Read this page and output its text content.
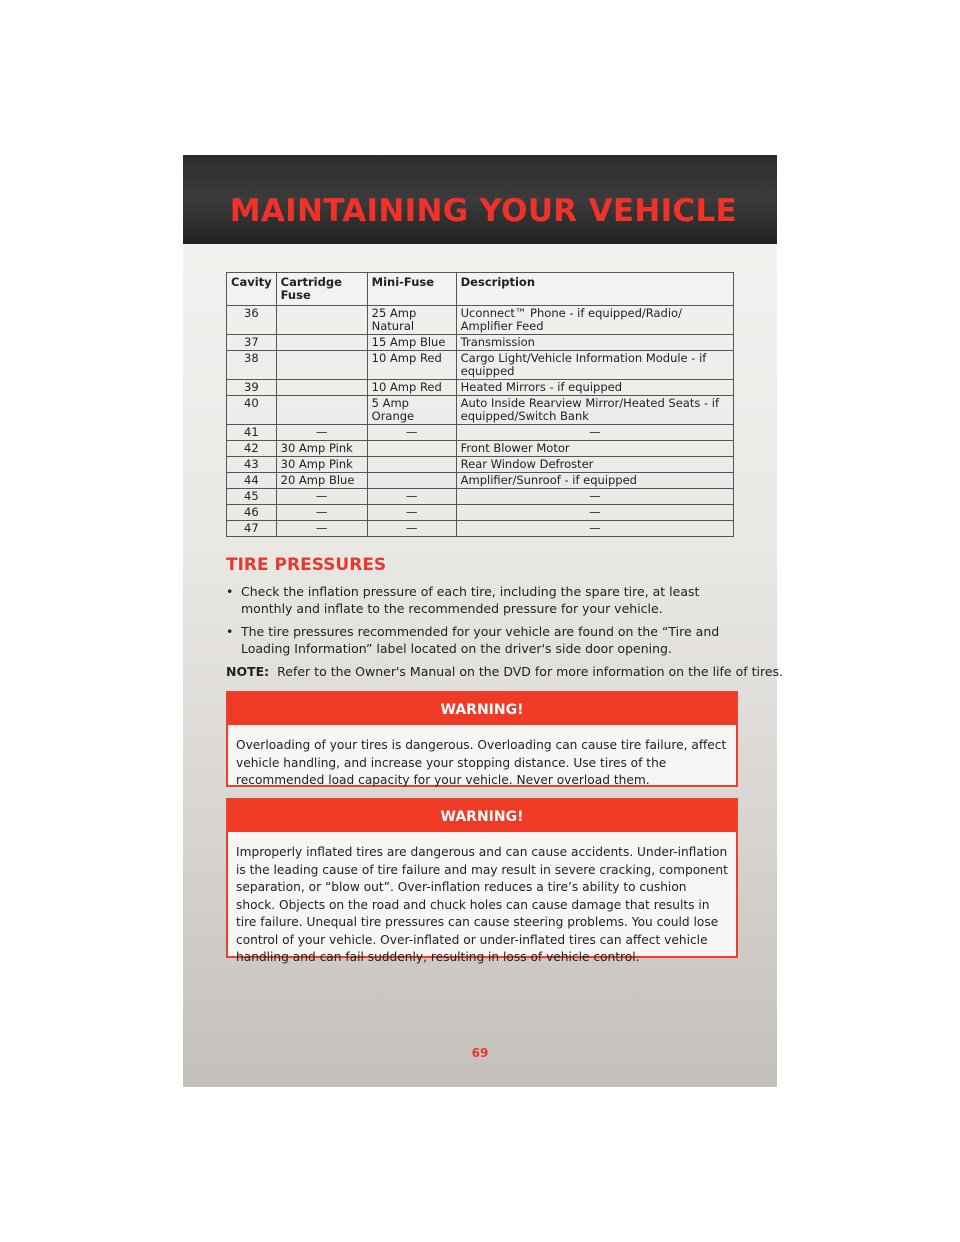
MAINTAINING YOUR VEHICLE
Cavity	Cartridge Fuse	Mini-Fuse	Description
36		25 Amp Natural	Uconnect™ Phone - if equipped/Radio/ Amplifier Feed
37		15 Amp Blue	Transmission
38		10 Amp Red	Cargo Light/Vehicle Information Module - if equipped
39		10 Amp Red	Heated Mirrors - if equipped
40		5 Amp Orange	Auto Inside Rearview Mirror/Heated Seats - if equipped/Switch Bank
41	—	—	—
42	30 Amp Pink		Front Blower Motor
43	30 Amp Pink		Rear Window Defroster
44	20 Amp Blue		Amplifier/Sunroof - if equipped
45	—	—	—
46	—	—	—
47	—	—	—
TIRE PRESSURES
• Check the inflation pressure of each tire, including the spare tire, at least monthly and inflate to the recommended pressure for your vehicle.
• The tire pressures recommended for your vehicle are found on the “Tire and Loading Information” label located on the driver's side door opening.
NOTE: Refer to the Owner's Manual on the DVD for more information on the life of tires.
WARNING!
Overloading of your tires is dangerous. Overloading can cause tire failure, affect vehicle handling, and increase your stopping distance. Use tires of the recommended load capacity for your vehicle. Never overload them.
WARNING!
Improperly inflated tires are dangerous and can cause accidents. Under-inflation is the leading cause of tire failure and may result in severe cracking, component separation, or “blow out”. Over-inflation reduces a tire’s ability to cushion shock. Objects on the road and chuck holes can cause damage that results in tire failure. Unequal tire pressures can cause steering problems. You could lose control of your vehicle. Over-inflated or under-inflated tires can affect vehicle handling and can fail suddenly, resulting in loss of vehicle control.
69
